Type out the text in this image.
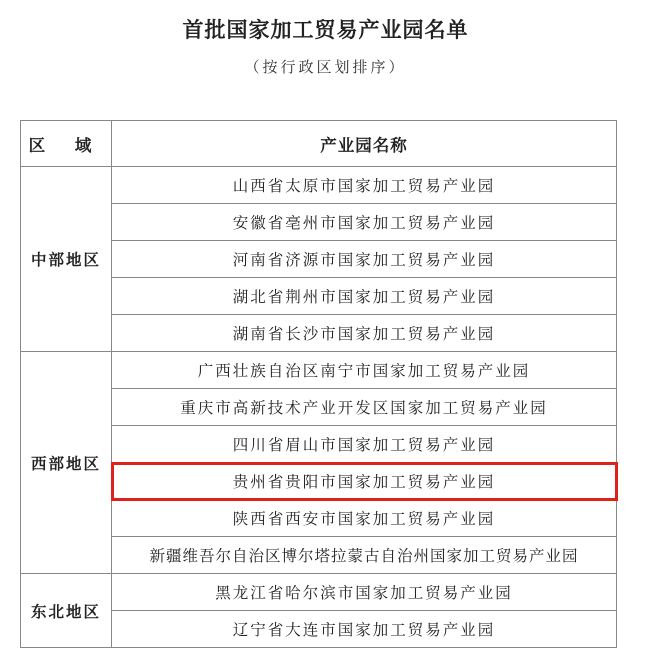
首批国家加工贸易产业园名单
（按行政区划排序）
区 域	产业园名称
中部地区	山西省太原市国家加工贸易产业园
	安徽省亳州市国家加工贸易产业园
	河南省济源市国家加工贸易产业园
	湖北省荆州市国家加工贸易产业园
	湖南省长沙市国家加工贸易产业园
西部地区	广西壮族自治区南宁市国家加工贸易产业园
	重庆市高新技术产业开发区国家加工贸易产业园
	四川省眉山市国家加工贸易产业园
	贵州省贵阳市国家加工贸易产业园
	陕西省西安市国家加工贸易产业园
	新疆维吾尔自治区博尔塔拉蒙古自治州国家加工贸易产业园
东北地区	黑龙江省哈尔滨市国家加工贸易产业园
	辽宁省大连市国家加工贸易产业园
